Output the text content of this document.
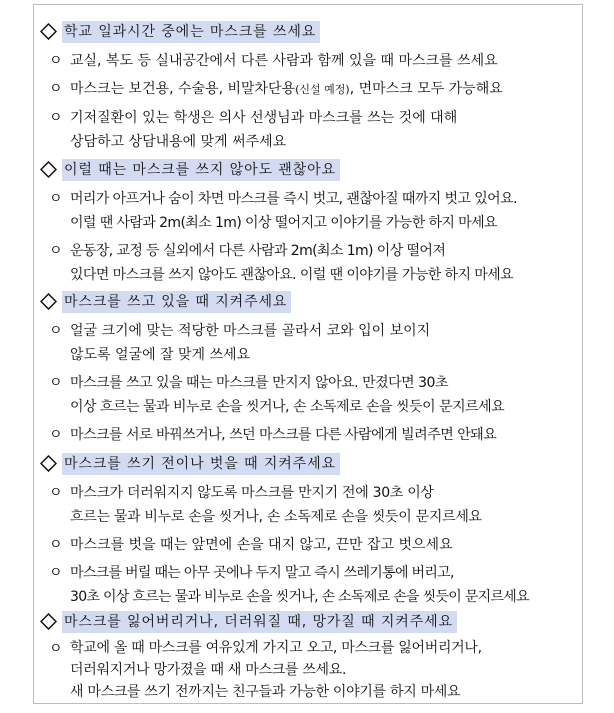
학교 일과시간 중에는 마스크를 쓰세요
ㅇ 교실, 복도 등 실내공간에서 다른 사람과 함께 있을 때 마스크를 쓰세요
ㅇ 마스크는 보건용, 수술용, 비말차단용(신설 예정), 면마스크 모두 가능해요
ㅇ 기저질환이 있는 학생은 의사 선생님과 마스크를 쓰는 것에 대해
상담하고 상담내용에 맞게 써주세요
이럴 때는 마스크를 쓰지 않아도 괜찮아요
ㅇ 머리가 아프거나 숨이 차면 마스크를 즉시 벗고, 괜찮아질 때까지 벗고 있어요.
이럴 땐 사람과 2m(최소 1m) 이상 떨어지고 이야기를 가능한 하지 마세요
ㅇ 운동장, 교정 등 실외에서 다른 사람과 2m(최소 1m) 이상 떨어져
있다면 마스크를 쓰지 않아도 괜찮아요. 이럴 땐 이야기를 가능한 하지 마세요
마스크를 쓰고 있을 때 지켜주세요
ㅇ 얼굴 크기에 맞는 적당한 마스크를 골라서 코와 입이 보이지
않도록 얼굴에 잘 맞게 쓰세요
ㅇ 마스크를 쓰고 있을 때는 마스크를 만지지 않아요. 만졌다면 30초
이상 흐르는 물과 비누로 손을 씻거나, 손 소독제로 손을 씻듯이 문지르세요
ㅇ 마스크를 서로 바꿔쓰거나, 쓰던 마스크를 다른 사람에게 빌려주면 안돼요
마스크를 쓰기 전이나 벗을 때 지켜주세요
ㅇ 마스크가 더러워지지 않도록 마스크를 만지기 전에 30초 이상
흐르는 물과 비누로 손을 씻거나, 손 소독제로 손을 씻듯이 문지르세요
ㅇ 마스크를 벗을 때는 앞면에 손을 대지 않고, 끈만 잡고 벗으세요
ㅇ 마스크를 버릴 때는 아무 곳에나 두지 말고 즉시 쓰레기통에 버리고,
30초 이상 흐르는 물과 비누로 손을 씻거나, 손 소독제로 손을 씻듯이 문지르세요
마스크를 잃어버리거나, 더러워질 때, 망가질 때 지켜주세요
ㅇ 학교에 올 때 마스크를 여유있게 가지고 오고, 마스크를 잃어버리거나,
더러워지거나 망가졌을 때 새 마스크를 쓰세요.
새 마스크를 쓰기 전까지는 친구들과 가능한 이야기를 하지 마세요
